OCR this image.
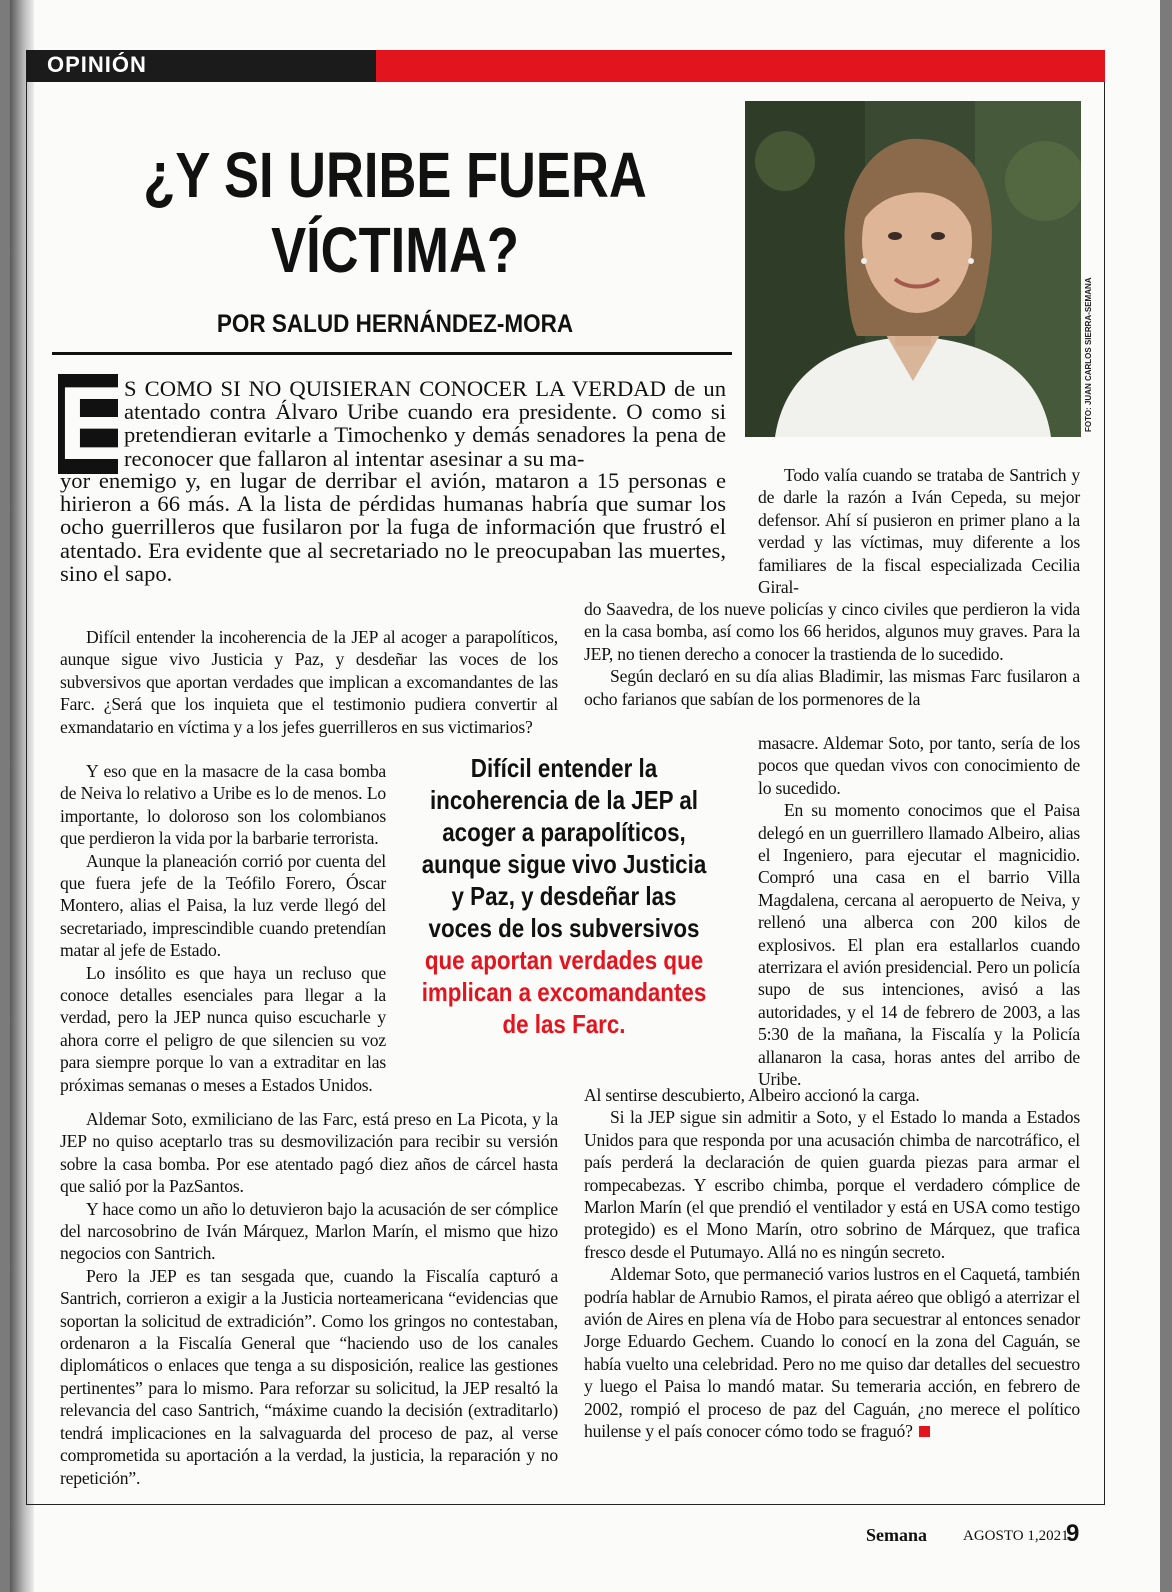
OPINIÓN
¿Y SI URIBE FUERA
VÍCTIMA?
POR SALUD HERNÁNDEZ-MORA	FOTO: JUAN CARLOS SIERRA-SEMANA
E
S COMO SI NO QUISIERAN CONOCER LA VERDAD de un atentado contra Álvaro Uribe cuando era presidente. O como si pretendieran evitarle a Timochenko y demás senadores la pena de reconocer que fallaron al intentar asesinar a su ma-
yor enemigo y, en lugar de derribar el avión, mataron a 15 personas e hirieron a 66 más. A la lista de pérdidas humanas habría que sumar los ocho guerrilleros que fusilaron por la fuga de información que frustró el atentado. Era evidente que al secretariado no le preocupaban las muertes, sino el sapo.

Difícil entender la incoherencia de la JEP al acoger a parapolíticos, aunque sigue vivo Justicia y Paz, y desdeñar las voces de los subversivos que aportan verdades que implican a excomandantes de las Farc. ¿Será que los inquieta que el testimonio pudiera convertir al exmandatario en víctima y a los jefes guerrilleros en sus victimarios?

Y eso que en la masacre de la casa bomba de Neiva lo relativo a Uribe es lo de menos. Lo importante, lo doloroso son los colombianos que perdieron la vida por la barbarie terrorista.

Aunque la planeación corrió por cuenta del que fuera jefe de la Teófilo Forero, Óscar Montero, alias el Paisa, la luz verde llegó del secretariado, imprescindible cuando pretendían matar al jefe de Estado.

Lo insólito es que haya un recluso que conoce detalles esenciales para llegar a la verdad, pero la JEP nunca quiso escucharle y ahora corre el peligro de que silencien su voz para siempre porque lo van a extraditar en las próximas semanas o meses a Estados Unidos.

Aldemar Soto, exmiliciano de las Farc, está preso en La Picota, y la JEP no quiso aceptarlo tras su desmovilización para recibir su versión sobre la casa bomba. Por ese atentado pagó diez años de cárcel hasta que salió por la PazSantos.

Y hace como un año lo detuvieron bajo la acusación de ser cómplice del narcosobrino de Iván Márquez, Marlon Marín, el mismo que hizo negocios con Santrich.

Pero la JEP es tan sesgada que, cuando la Fiscalía capturó a Santrich, corrieron a exigir a la Justicia norteamericana “evidencias que soportan la solicitud de extradición”. Como los gringos no contestaban, ordenaron a la Fiscalía General que “haciendo uso de los canales diplomáticos o enlaces que tenga a su disposición, realice las gestiones pertinentes” para lo mismo. Para reforzar su solicitud, la JEP resaltó la relevancia del caso Santrich, “máxime cuando la decisión (extraditarlo) tendrá implicaciones en la salvaguarda del proceso de paz, al verse comprometida su aportación a la verdad, la justicia, la reparación y no repetición”.

Difícil entender la incoherencia de la JEP al acoger a parapolíticos, aunque sigue vivo Justicia y Paz, y desdeñar las voces de los subversivos que aportan verdades que implican a excomandantes de las Farc.

Todo valía cuando se trataba de Santrich y de darle la razón a Iván Cepeda, su mejor defensor. Ahí sí pusieron en primer plano a la verdad y las víctimas, muy diferente a los familiares de la fiscal especializada Cecilia Giral-

do Saavedra, de los nueve policías y cinco civiles que perdieron la vida en la casa bomba, así como los 66 heridos, algunos muy graves. Para la JEP, no tienen derecho a conocer la trastienda de lo sucedido.

Según declaró en su día alias Bladimir, las mismas Farc fusilaron a ocho farianos que sabían de los pormenores de la

masacre. Aldemar Soto, por tanto, sería de los pocos que quedan vivos con conocimiento de lo sucedido.

En su momento conocimos que el Paisa delegó en un guerrillero llamado Albeiro, alias el Ingeniero, para ejecutar el magnicidio. Compró una casa en el barrio Villa Magdalena, cercana al aeropuerto de Neiva, y rellenó una alberca con 200 kilos de explosivos. El plan era estallarlos cuando aterrizara el avión presidencial. Pero un policía supo de sus intenciones, avisó a las autoridades, y el 14 de febrero de 2003, a las 5:30 de la mañana, la Fiscalía y la Policía allanaron la casa, horas antes del arribo de Uribe.

Al sentirse descubierto, Albeiro accionó la carga.

Si la JEP sigue sin admitir a Soto, y el Estado lo manda a Estados Unidos para que responda por una acusación chimba de narcotráfico, el país perderá la declaración de quien guarda piezas para armar el rompecabezas. Y escribo chimba, porque el verdadero cómplice de Marlon Marín (el que prendió el ventilador y está en USA como testigo protegido) es el Mono Marín, otro sobrino de Márquez, que trafica fresco desde el Putumayo. Allá no es ningún secreto.

Aldemar Soto, que permaneció varios lustros en el Caquetá, también podría hablar de Arnubio Ramos, el pirata aéreo que obligó a aterrizar el avión de Aires en plena vía de Hobo para secuestrar al entonces senador Jorge Eduardo Gechem. Cuando lo conocí en la zona del Caguán, se había vuelto una celebridad. Pero no me quiso dar detalles del secuestro y luego el Paisa lo mandó matar. Su temeraria acción, en febrero de 2002, rompió el proceso de paz del Caguán, ¿no merece el político huilense y el país conocer cómo todo se fraguó?

Semana AGOSTO 1,2021
9
